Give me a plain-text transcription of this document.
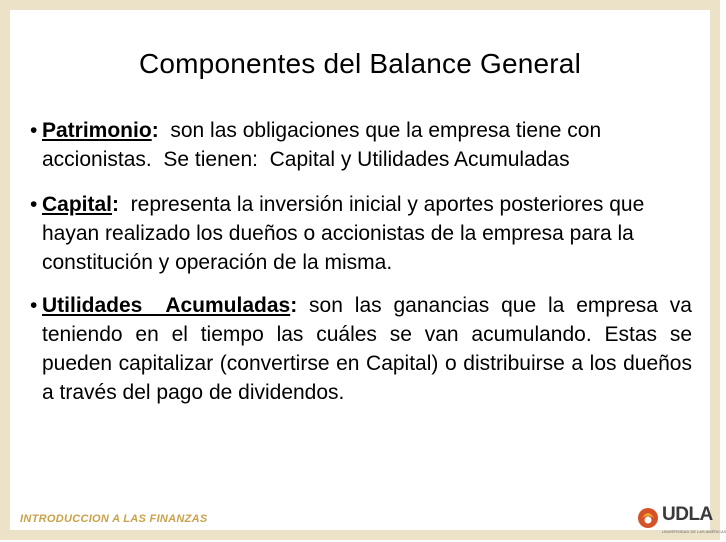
Componentes del Balance General
• Patrimonio:  son las obligaciones que la empresa tiene con accionistas.  Se tienen:  Capital y Utilidades Acumuladas
• Capital:  representa la inversión inicial y aportes posteriores que hayan realizado los dueños o accionistas de la empresa para la constitución y operación de la misma.
• Utilidades  Acumuladas: son las ganancias que la empresa va teniendo en el tiempo las cuáles se van acumulando. Estas se pueden capitalizar (convertirse en Capital) o distribuirse a los dueños a través del pago de dividendos.
INTRODUCCION A LAS FINANZAS	UDLA
UNIVERSIDAD DE LAS AMÉRICAS
